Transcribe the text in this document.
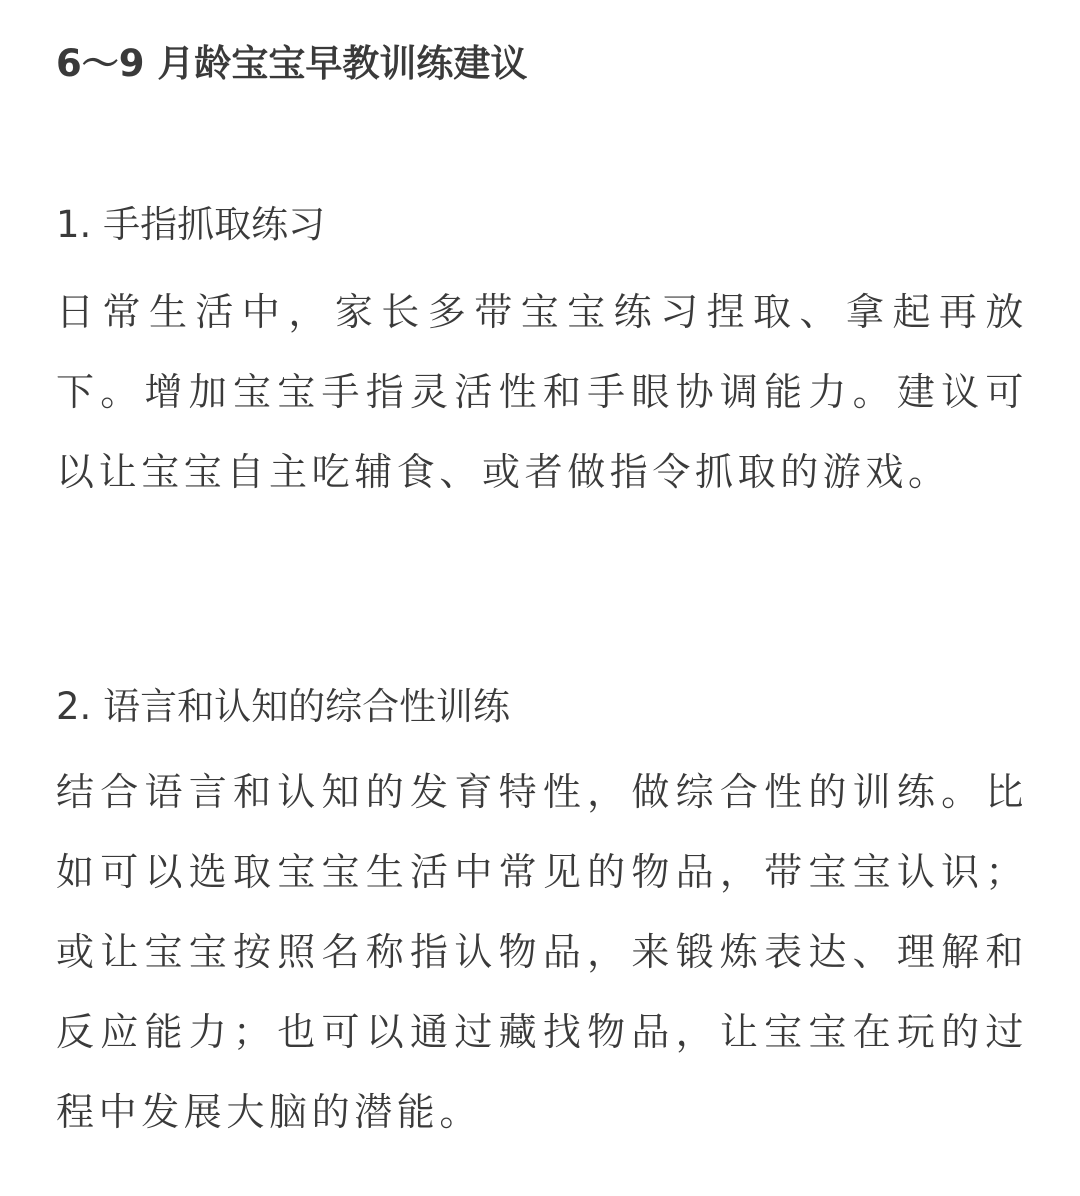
6～9 月龄宝宝早教训练建议
1. 手指抓取练习

日常生活中，家长多带宝宝练习捏取、拿起再放下。增加宝宝手指灵活性和手眼协调能力。建议可以让宝宝自主吃辅食、或者做指令抓取的游戏。

2. 语言和认知的综合性训练

结合语言和认知的发育特性，做综合性的训练。比如可以选取宝宝生活中常见的物品，带宝宝认识；或让宝宝按照名称指认物品，来锻炼表达、理解和反应能力；也可以通过藏找物品，让宝宝在玩的过程中发展大脑的潜能。
